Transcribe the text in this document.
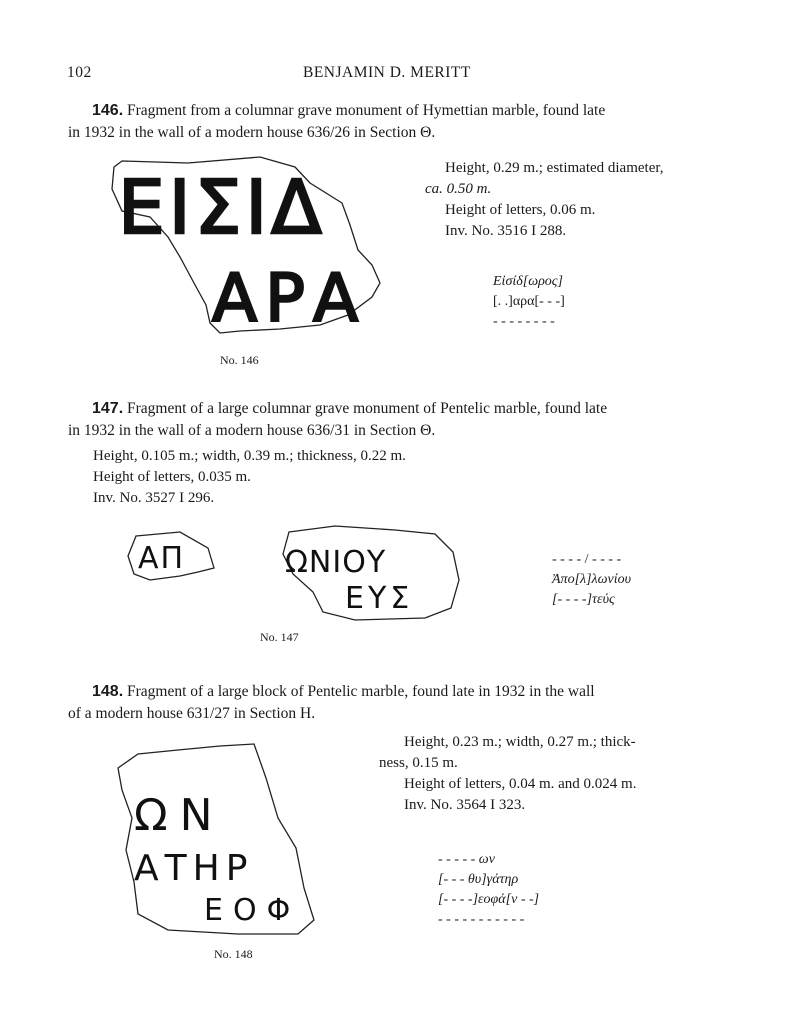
102	BENJAMIN D. MERITT
146. Fragment from a columnar grave monument of Hymettian marble, found late
in 1932 in the wall of a modern house 636/26 in Section Θ.
ΕΙΣΙΔ
ΑΡΑ
Height, 0.29 m.; estimated diameter,
ca. 0.50 m.
Height of letters, 0.06 m.
Inv. No. 3516 I 288.
Εἰσίδ[ωρος]
[. .]αρα[- - -]
- - - - - - - -
No. 146
147. Fragment of a large columnar grave monument of Pentelic marble, found late
in 1932 in the wall of a modern house 636/31 in Section Θ.
Height, 0.105 m.; width, 0.39 m.; thickness, 0.22 m.
Height of letters, 0.035 m.
Inv. No. 3527 I 296.
ΑΠ	ΩΝΙΟΥ
ΕΥΣ
- - - - / - - - -
Ἀπο[λ]λωνίου
[- - - -]τεύς
No. 147
148. Fragment of a large block of Pentelic marble, found late in 1932 in the wall
of a modern house 631/27 in Section Η.
ΩΝ
ΑΤΗΡ
ΕΟΦ
Height, 0.23 m.; width, 0.27 m.; thick-
ness, 0.15 m.
Height of letters, 0.04 m. and 0.024 m.
Inv. No. 3564 I 323.
- - - - - ων
[- - - θυ]γάτηρ
[- - - -]εοφά[ν - -]
- - - - - - - - - - -
No. 148
